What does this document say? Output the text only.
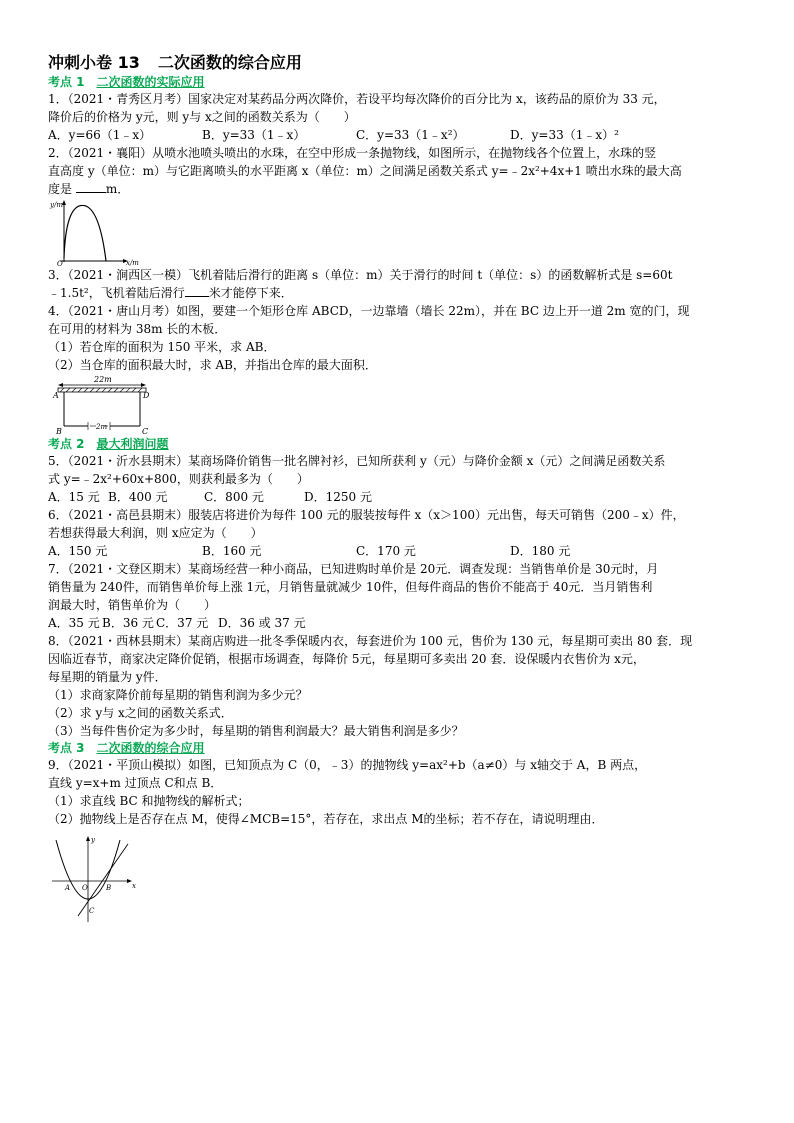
冲刺小卷 13 二次函数的综合应用
考点 1 二次函数的实际应用
1．（2021・青秀区月考）国家决定对某药品分两次降价，若设平均每次降价的百分比为 x，该药品的原价为 33 元，
降价后的价格为 y元，则 y与 x之间的函数关系为（　　）
A．y=66（1﹣x）	B．y=33（1﹣x）	C．y=33（1﹣x²）	D．y=33（1﹣x）²
2．（2021・襄阳）从喷水池喷头喷出的水珠，在空中形成一条抛物线，如图所示，在抛物线各个位置上，水珠的竖
直高度 y（单位：m）与它距离喷头的水平距离 x（单位：m）之间满足函数关系式 y=﹣2x²+4x+1 喷出水珠的最大高
度是	m．
y/m
x/m
O
3．（2021・涧西区一模）飞机着陆后滑行的距离 s（单位：m）关于滑行的时间 t（单位：s）的函数解析式是 s=60t
﹣1.5t²，飞机着陆后滑行 米才能停下来．
4．（2021・唐山月考）如图，要建一个矩形仓库 ABCD，一边靠墙（墙长 22m），并在 BC 边上开一道 2m 宽的门，现
在可用的材料为 38m 长的木板．
（1）若仓库的面积为 150 平米，求 AB．
（2）当仓库的面积最大时，求 AB，并指出仓库的最大面积．
22m
2m
A	D
B	C
考点 2 最大利润问题
5．（2021・沂水县期末）某商场降价销售一批名牌衬衫，已知所获利 y（元）与降价金额 x（元）之间满足函数关系
式 y=﹣2x²+60x+800，则获利最多为（　　）
A．15 元 B．400 元	C．800 元	D．1250 元
6．（2021・高邑县期末）服装店将进价为每件 100 元的服装按每件 x（x＞100）元出售，每天可销售（200﹣x）件，
若想获得最大利润，则 x应定为（　　）
A．150 元	B．160 元	C．170 元	D．180 元
7．（2021・文登区期末）某商场经营一种小商品，已知进购时单价是 20元．调查发现：当销售单价是 30元时，月
销售量为 240件，而销售单价每上涨 1元，月销售量就减少 10件，但每件商品的售价不能高于 40元．当月销售利
润最大时，销售单价为（　　）
A．35 元 B．36 元 C．37 元 D．36 或 37 元
8．（2021・西林县期末）某商店购进一批冬季保暖内衣，每套进价为 100 元，售价为 130 元，每星期可卖出 80 套．现
因临近春节，商家决定降价促销，根据市场调查，每降价 5元，每星期可多卖出 20 套．设保暖内衣售价为 x元，
每星期的销量为 y件．
（1）求商家降价前每星期的销售利润为多少元？
（2）求 y与 x之间的函数关系式．
（3）当每件售价定为多少时，每星期的销售利润最大？最大销售利润是多少？
考点 3 二次函数的综合应用
9．（2021・平顶山模拟）如图，已知顶点为 C（0，﹣3）的抛物线 y=ax²+b（a≠0）与 x轴交于 A，B 两点，
直线 y=x+m 过顶点 C和点 B．
（1）求直线 BC 和抛物线的解析式；
（2）抛物线上是否存在点 M，使得∠MCB=15°，若存在，求出点 M的坐标；若不存在，请说明理由．
y
x
A O	B
C
